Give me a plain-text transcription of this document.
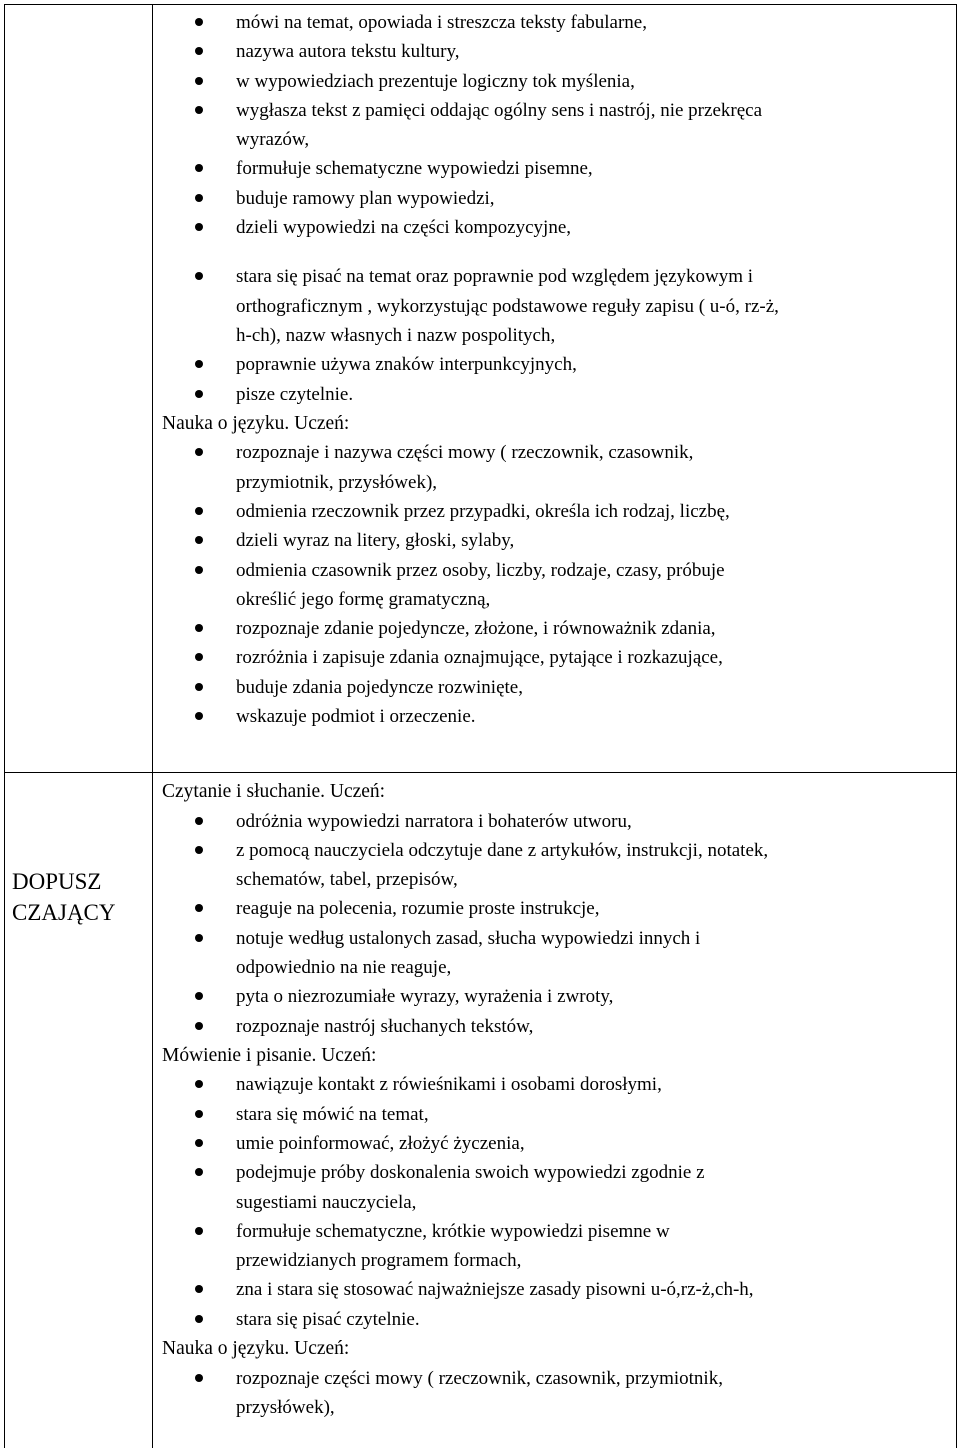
DOPUSZ
CZAJĄCY
mówi na temat, opowiada i streszcza teksty fabularne,
nazywa autora tekstu kultury,
w wypowiedziach prezentuje logiczny tok myślenia,
wygłasza tekst z pamięci oddając ogólny sens i nastrój, nie przekręca
wyrazów,
formułuje schematyczne wypowiedzi pisemne,
buduje ramowy plan wypowiedzi,
dzieli wypowiedzi na części kompozycyjne,
stara się pisać na temat oraz poprawnie pod względem językowym i
orthograficznym , wykorzystując podstawowe reguły zapisu ( u-ó, rz-ż,
h-ch), nazw własnych i nazw pospolitych,
poprawnie używa znaków interpunkcyjnych,
pisze czytelnie.
Nauka o języku. Uczeń:
rozpoznaje i nazywa części mowy ( rzeczownik, czasownik,
przymiotnik, przysłówek),
odmienia rzeczownik przez przypadki, określa ich rodzaj, liczbę,
dzieli wyraz na litery, głoski, sylaby,
odmienia czasownik przez osoby, liczby, rodzaje, czasy, próbuje
określić jego formę gramatyczną,
rozpoznaje zdanie pojedyncze, złożone, i równoważnik zdania,
rozróżnia i zapisuje zdania oznajmujące, pytające i rozkazujące,
buduje zdania pojedyncze rozwinięte,
wskazuje podmiot i orzeczenie.
Czytanie i słuchanie. Uczeń:
odróżnia wypowiedzi narratora i bohaterów utworu,
z pomocą nauczyciela odczytuje dane z artykułów, instrukcji, notatek,
schematów, tabel, przepisów,
reaguje na polecenia, rozumie proste instrukcje,
notuje według ustalonych zasad, słucha wypowiedzi innych i
odpowiednio na nie reaguje,
pyta o niezrozumiałe wyrazy, wyrażenia i zwroty,
rozpoznaje nastrój słuchanych tekstów,
Mówienie i pisanie. Uczeń:
nawiązuje kontakt z rówieśnikami i osobami dorosłymi,
stara się mówić na temat,
umie poinformować, złożyć życzenia,
podejmuje próby doskonalenia swoich wypowiedzi zgodnie z
sugestiami nauczyciela,
formułuje schematyczne, krótkie wypowiedzi pisemne w
przewidzianych programem formach,
zna i stara się stosować najważniejsze zasady pisowni u-ó,rz-ż,ch-h,
stara się pisać czytelnie.
Nauka o języku. Uczeń:
rozpoznaje części mowy ( rzeczownik, czasownik, przymiotnik,
przysłówek),
